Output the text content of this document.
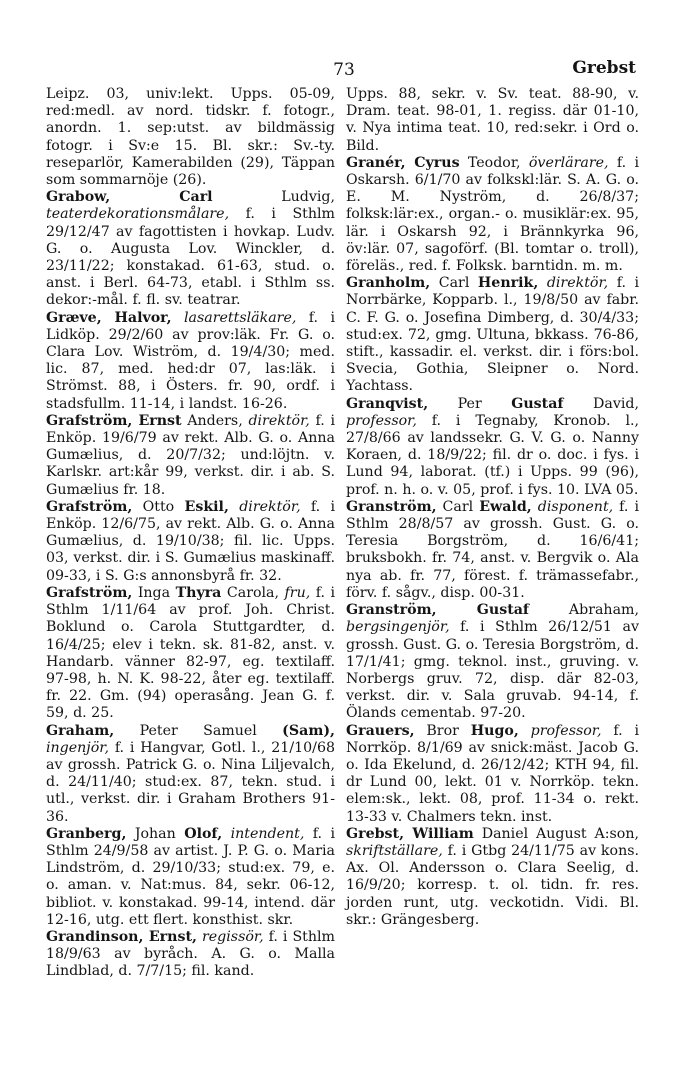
73	Grebst

Leipz. 03, univ:lekt. Upps. 05-09, red:medl. av nord. tidskr. f. fotogr., anordn. 1. sep:utst. av bildmässig fotogr. i Sv:e 15. Bl. skr.: Sv.-ty. reseparlör, Kamerabilden (29), Täppan som sommarnöje (26).

Grabow, Carl Ludvig, teaterdekorationsmålare, f. i Sthlm 29/12/47 av fagottisten i hovkap. Ludv. G. o. Augusta Lov. Winckler, d. 23/11/22; konstakad. 61-63, stud. o. anst. i Berl. 64-73, etabl. i Sthlm ss. dekor:-mål. f. fl. sv. teatrar.

Græve, Halvor, lasarettsläkare, f. i Lidköp. 29/2/60 av prov:läk. Fr. G. o. Clara Lov. Wiström, d. 19/4/30; med. lic. 87, med. hed:dr 07, las:läk. i Strömst. 88, i Östers. fr. 90, ordf. i stadsfullm. 11-14, i landst. 16-26.

Grafström, Ernst Anders, direktör, f. i Enköp. 19/6/79 av rekt. Alb. G. o. Anna Gumælius, d. 20/7/32; und:löjtn. v. Karlskr. art:kår 99, verkst. dir. i ab. S. Gumælius fr. 18.

Grafström, Otto Eskil, direktör, f. i Enköp. 12/6/75, av rekt. Alb. G. o. Anna Gumælius, d. 19/10/38; fil. lic. Upps. 03, verkst. dir. i S. Gumælius maskinaff. 09-33, i S. G:s annonsbyrå fr. 32.

Grafström, Inga Thyra Carola, fru, f. i Sthlm 1/11/64 av prof. Joh. Christ. Boklund o. Carola Stuttgardter, d. 16/4/25; elev i tekn. sk. 81-82, anst. v. Handarb. vänner 82-97, eg. textilaff. 97-98, h. N. K. 98-22, åter eg. textilaff. fr. 22. Gm. (94) operasång. Jean G. f. 59, d. 25.

Graham, Peter Samuel (Sam), ingenjör, f. i Hangvar, Gotl. l., 21/10/68 av grossh. Patrick G. o. Nina Liljevalch, d. 24/11/40; stud:ex. 87, tekn. stud. i utl., verkst. dir. i Graham Brothers 91-36.

Granberg, Johan Olof, intendent, f. i Sthlm 24/9/58 av artist. J. P. G. o. Maria Lindström, d. 29/10/33; stud:ex. 79, e. o. aman. v. Nat:mus. 84, sekr. 06-12, bibliot. v. konstakad. 99-14, intend. där 12-16, utg. ett flert. konsthist. skr.

Grandinson, Ernst, regissör, f. i Sthlm 18/9/63 av byråch. A. G. o. Malla Lindblad, d. 7/7/15; fil. kand.

Upps. 88, sekr. v. Sv. teat. 88-90, v. Dram. teat. 98-01, 1. regiss. där 01-10, v. Nya intima teat. 10, red:sekr. i Ord o. Bild.

Granér, Cyrus Teodor, överlärare, f. i Oskarsh. 6/1/70 av folkskl:lär. S. A. G. o. E. M. Nyström, d. 26/8/37; folksk:lär:ex., organ.- o. musiklär:ex. 95, lär. i Oskarsh 92, i Brännkyrka 96, öv:lär. 07, sagoförf. (Bl. tomtar o. troll), föreläs., red. f. Folksk. barntidn. m. m.

Granholm, Carl Henrik, direktör, f. i Norrbärke, Kopparb. l., 19/8/50 av fabr. C. F. G. o. Josefina Dimberg, d. 30/4/33; stud:ex. 72, gmg. Ultuna, bkkass. 76-86, stift., kassadir. el. verkst. dir. i förs:bol. Svecia, Gothia, Sleipner o. Nord. Yachtass.

Granqvist, Per Gustaf David, professor, f. i Tegnaby, Kronob. l., 27/8/66 av landssekr. G. V. G. o. Nanny Koraen, d. 18/9/22; fil. dr o. doc. i fys. i Lund 94, laborat. (tf.) i Upps. 99 (96), prof. n. h. o. v. 05, prof. i fys. 10. LVA 05.

Granström, Carl Ewald, disponent, f. i Sthlm 28/8/57 av grossh. Gust. G. o. Teresia Borgström, d. 16/6/41; bruksbokh. fr. 74, anst. v. Bergvik o. Ala nya ab. fr. 77, förest. f. trämassefabr., förv. f. sågv., disp. 00-31.

Granström, Gustaf Abraham, bergsingenjör, f. i Sthlm 26/12/51 av grossh. Gust. G. o. Teresia Borgström, d. 17/1/41; gmg. teknol. inst., gruving. v. Norbergs gruv. 72, disp. där 82-03, verkst. dir. v. Sala gruvab. 94-14, f. Ölands cementab. 97-20.

Grauers, Bror Hugo, professor, f. i Norrköp. 8/1/69 av snick:mäst. Jacob G. o. Ida Ekelund, d. 26/12/42; KTH 94, fil. dr Lund 00, lekt. 01 v. Norrköp. tekn. elem:sk., lekt. 08, prof. 11-34 o. rekt. 13-33 v. Chalmers tekn. inst.

Grebst, William Daniel August A:son, skriftställare, f. i Gtbg 24/11/75 av kons. Ax. Ol. Andersson o. Clara Seelig, d. 16/9/20; korresp. t. ol. tidn. fr. res. jorden runt, utg. veckotidn. Vidi. Bl. skr.: Grängesberg.
